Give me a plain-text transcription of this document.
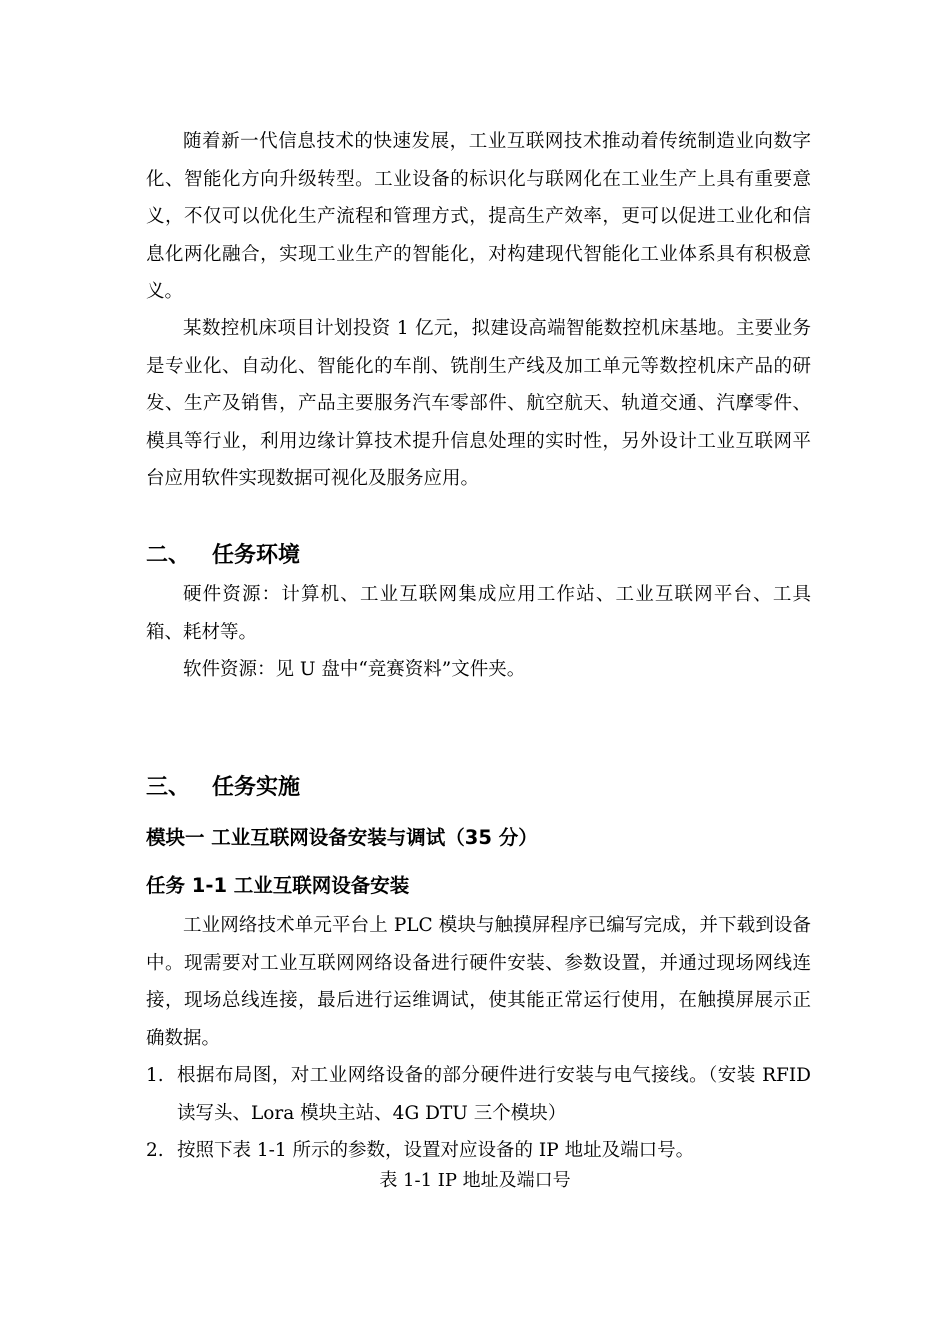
随着新一代信息技术的快速发展，工业互联网技术推动着传统制造业向数字化、智能化方向升级转型。工业设备的标识化与联网化在工业生产上具有重要意义，不仅可以优化生产流程和管理方式，提高生产效率，更可以促进工业化和信息化两化融合，实现工业生产的智能化，对构建现代智能化工业体系具有积极意义。

某数控机床项目计划投资 1 亿元，拟建设高端智能数控机床基地。主要业务是专业化、自动化、智能化的车削、铣削生产线及加工单元等数控机床产品的研发、生产及销售，产品主要服务汽车零部件、航空航天、轨道交通、汽摩零件、模具等行业，利用边缘计算技术提升信息处理的实时性，另外设计工业互联网平台应用软件实现数据可视化及服务应用。

二、 任务环境

硬件资源：计算机、工业互联网集成应用工作站、工业互联网平台、工具箱、耗材等。

软件资源：见 U 盘中“竞赛资料”文件夹。

三、 任务实施
模块一 工业互联网设备安装与调试（35 分）
任务 1-1 工业互联网设备安装

工业网络技术单元平台上 PLC 模块与触摸屏程序已编写完成，并下载到设备中。现需要对工业互联网网络设备进行硬件安装、参数设置，并通过现场网线连接，现场总线连接，最后进行运维调试，使其能正常运行使用，在触摸屏展示正确数据。

1. 根据布局图，对工业网络设备的部分硬件进行安装与电气接线。（安装 RFID 读写头、Lora 模块主站、4G DTU 三个模块）
2. 按照下表 1-1 所示的参数，设置对应设备的 IP 地址及端口号。
表 1-1 IP 地址及端口号
